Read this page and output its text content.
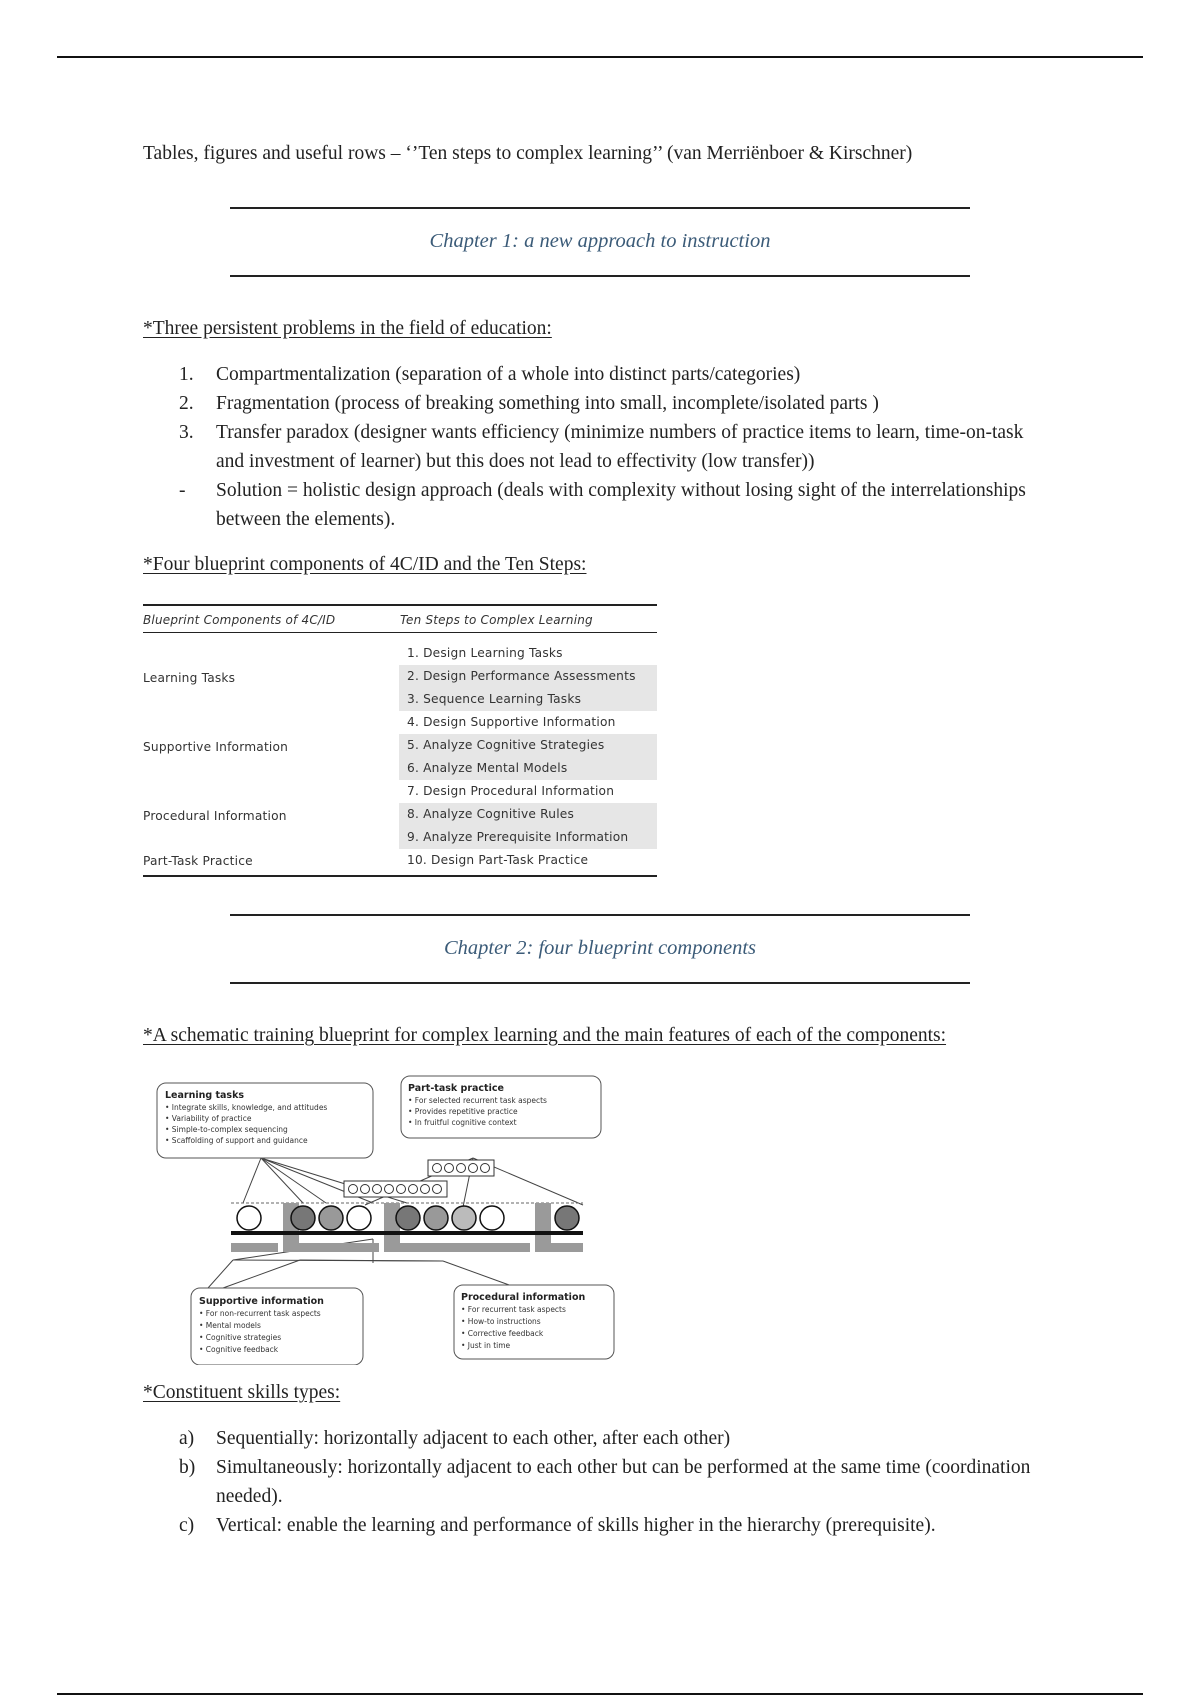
Tables, figures and useful rows – ‘’Ten steps to complex learning’’ (van Merriënboer & Kirschner)
Chapter 1: a new approach to instruction
*Three persistent problems in the field of education:
1. Compartmentalization (separation of a whole into distinct parts/categories)
2. Fragmentation (process of breaking something into small, incomplete/isolated parts )
3. Transfer paradox (designer wants efficiency (minimize numbers of practice items to learn, time-on-task and investment of learner) but this does not lead to effectivity (low transfer))
- Solution = holistic design approach (deals with complexity without losing sight of the interrelationships between the elements).
*Four blueprint components of 4C/ID and the Ten Steps:
Blueprint Components of 4C/ID	Ten Steps to Complex Learning
Learning Tasks
Supportive Information
Procedural Information
Part-Task Practice
1. Design Learning Tasks
2. Design Performance Assessments
3. Sequence Learning Tasks
4. Design Supportive Information
5. Analyze Cognitive Strategies
6. Analyze Mental Models
7. Design Procedural Information
8. Analyze Cognitive Rules
9. Analyze Prerequisite Information
10. Design Part-Task Practice
Chapter 2: four blueprint components
*A schematic training blueprint for complex learning and the main features of each of the components:
Learning tasks
• Integrate skills, knowledge, and attitudes
• Variability of practice
• Simple-to-complex sequencing
• Scaffolding of support and guidance
Part-task practice
• For selected recurrent task aspects
• Provides repetitive practice
• In fruitful cognitive context
Supportive information
• For non-recurrent task aspects
• Mental models
• Cognitive strategies
• Cognitive feedback
Procedural information
• For recurrent task aspects
• How-to instructions
• Corrective feedback
• Just in time
*Constituent skills types:
a) Sequentially: horizontally adjacent to each other, after each other)
b) Simultaneously: horizontally adjacent to each other but can be performed at the same time (coordination needed).
c) Vertical: enable the learning and performance of skills higher in the hierarchy (prerequisite).
